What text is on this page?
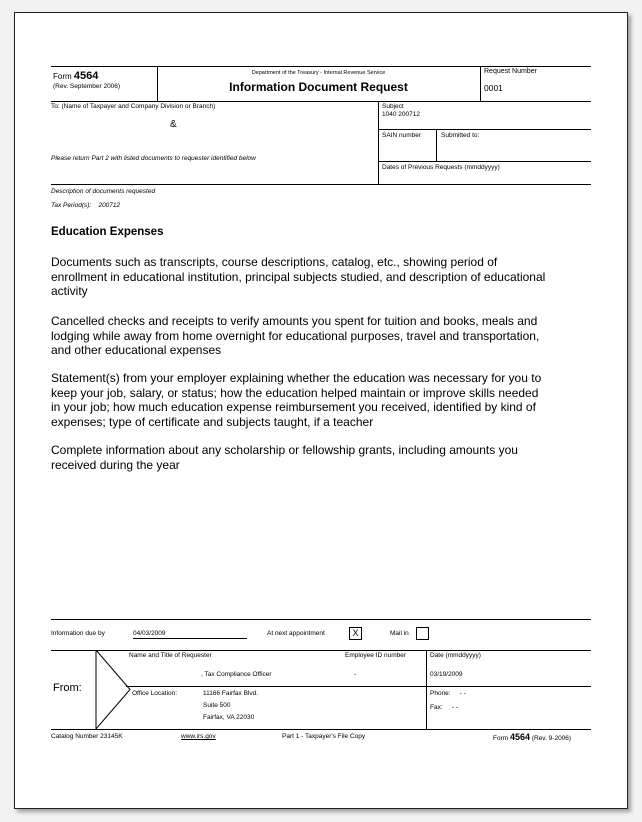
Form 4564
(Rev. September 2006)
Department of the Treasury - Internal Revenue Service
Information Document Request
Request Number
0001
To: (Name of Taxpayer and Company Division or Branch)
&
Please return Part 2 with listed documents to requester identified below
Subject
1040 200712
SAIN number	Submitted to:
Dates of Previous Requests (mmddyyyy)
Description of documents requested
Tax Period(s): 200712
Education Expenses
Documents such as transcripts, course descriptions, catalog, etc., showing period of enrollment in educational institution, principal subjects studied, and description of educational activity
Cancelled checks and receipts to verify amounts you spent for tuition and books, meals and lodging while away from home overnight for educational purposes, travel and transportation, and other educational expenses
Statement(s) from your employer explaining whether the education was necessary for you to keep your job, salary, or status; how the education helped maintain or improve skills needed in your job; how much education expense reimbursement you received, identified by kind of expenses; type of certificate and subjects taught, if a teacher
Complete information about any scholarship or fellowship grants, including amounts you received during the year
Information due by	04/03/2009	At next appointment	X	Mail in
From:
Name and Title of Requester
, Tax Compliance Officer
Employee ID number
-
Date (mmddyyyy)
03/19/2009
Office Location:	11166 Fairfax Blvd.
Suite 500
Fairfax, VA 22030
Phone: - -
Fax: - -
Catalog Number 23145K	www.irs.gov	Part 1 - Taxpayer's File Copy	Form 4564 (Rev. 9-2006)
